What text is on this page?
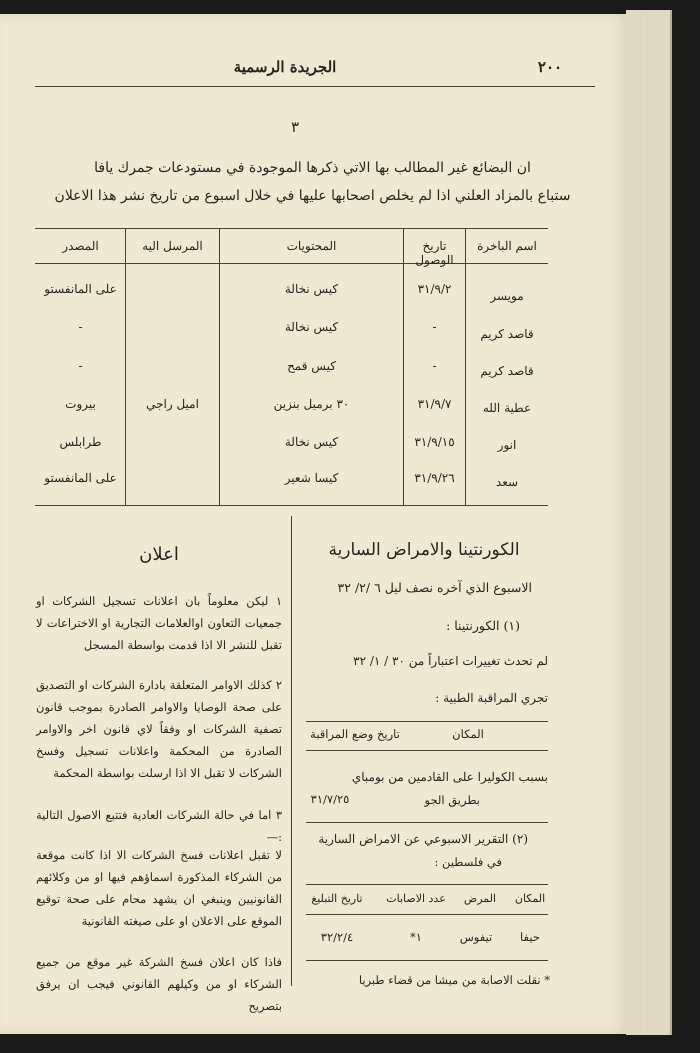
الجريدة الرسمية	٢٠٠
٣
ان البضائع غير المطالب بها الاتي ذكرها الموجودة في مستودعات جمرك يافا
ستباع بالمزاد العلني اذا لم يخلص اصحابها عليها في خلال اسبوع من تاريخ نشر هذا الاعلان
اسم الباخرة
تاريخ الوصول
المحتويات
المرسل اليه
المصدر
مويسر
٣١/٩/٢
كيس نخالة
على المانفستو
قاصد كريم
-
كيس نخالة
-
قاصد كريم
-
كيس قمح
-
عطية الله
٣١/٩/٧
٣٠ برميل بنزين
اميل راجي
بيروت
انور
٣١/٩/١٥
كيس نخالة
طرابلس
سعد
٣١/٩/٢٦
كيسا شعير
على المانفستو
الكورنتينا والامراض السارية
الاسبوع الذي آخره نصف ليل ٦ /٢/ ٣٢
(١) الكورنتينا :
لم تحدث تغييرات اعتباراً من ٣٠ / ١/ ٣٢
تجري المراقبة الطبية :
المكان
تاريخ وضع المراقبة
بسبب الكوليرا على القادمين من بومباي
بطريق الجو
٣١/٧/٢٥
(٢) التقرير الاسبوعي عن الامراض السارية
في فلسطين :
المكان
المرض
عدد الاصابات
تاريخ التبليغ
حيفا
تيفوس
١*
٣٢/٢/٤
* نقلت الاصابة من ميشا من قضاء طبريا
اعلان
١ ليكن معلوماً بان اعلانات تسجيل الشركات او جمعيات التعاون اوالعلامات التجارية او الاختراعات لا تقبل للنشر الا اذا قدمت بواسطة المسجل
٢ كذلك الاوامر المتعلقة بادارة الشركات او التصديق على صحة الوصايا والاوامر الصادرة بموجب قانون تصفية الشركات او وفقاً لاي قانون اخر والاوامر الصادرة من المحكمة واعلانات تسجيل وفسخ الشركات لا تقبل الا اذا ارسلت بواسطة المحكمة
٣ اما في حالة الشركات العادية فتتبع الاصول التالية :—
لا تقبل اعلانات فسخ الشركات الا اذا كانت موقعة من الشركاء المذكورة اسماؤهم فيها او من وكلائهم القانونيين وينبغي ان يشهد محام على صحة توقيع الموقع على الاعلان او على صيغته القانونية
فاذا كان اعلان فسخ الشركة غير موقع من جميع الشركاء او من وكيلهم القانوني فيجب ان يرفق بتصريح
